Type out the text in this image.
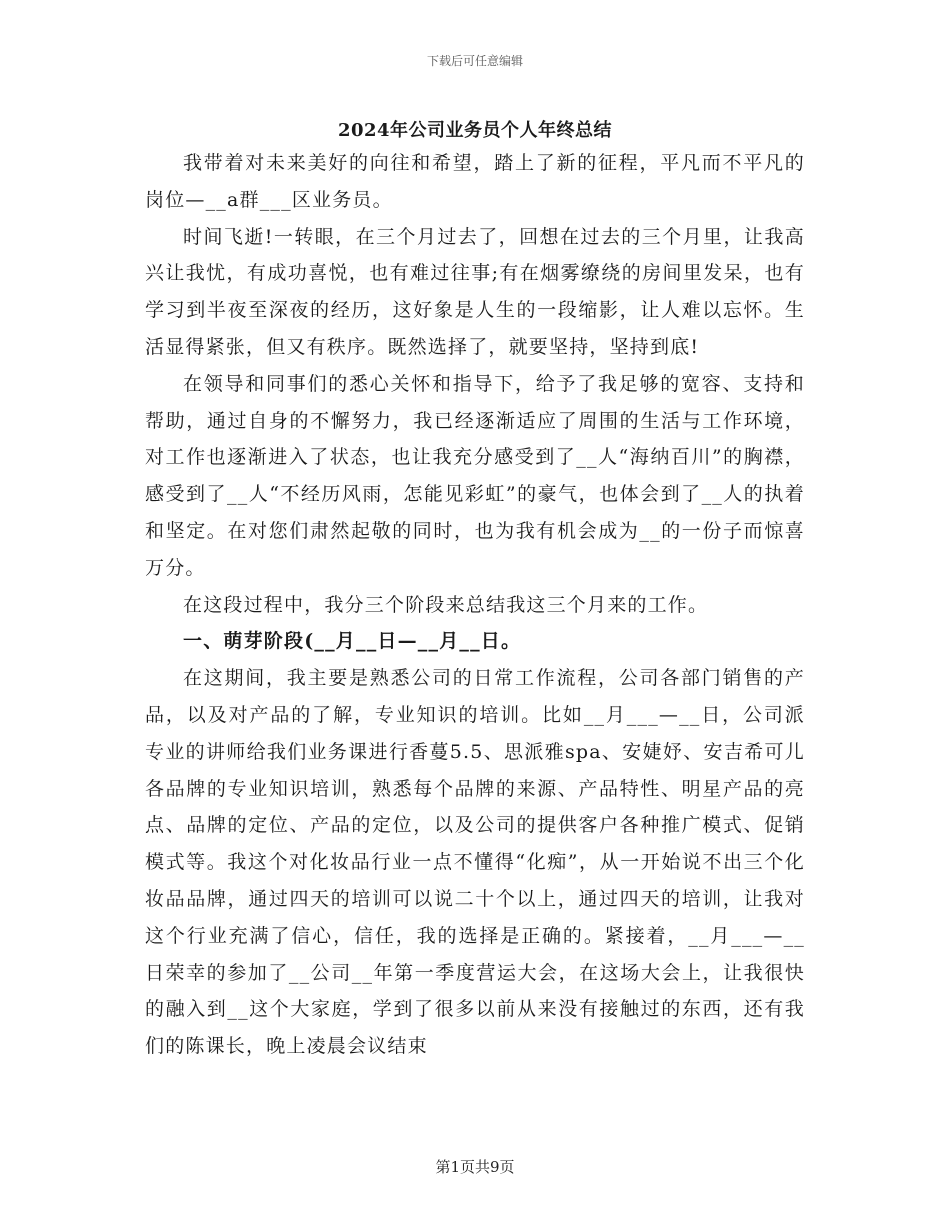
下载后可任意编辑
2024年公司业务员个人年终总结

我带着对未来美好的向往和希望，踏上了新的征程，平凡而不平凡的岗位—__a群___区业务员。

时间飞逝!一转眼，在三个月过去了，回想在过去的三个月里，让我高兴让我忧，有成功喜悦，也有难过往事;有在烟雾缭绕的房间里发呆，也有学习到半夜至深夜的经历，这好象是人生的一段缩影，让人难以忘怀。生活显得紧张，但又有秩序。既然选择了，就要坚持，坚持到底!

在领导和同事们的悉心关怀和指导下，给予了我足够的宽容、支持和帮助，通过自身的不懈努力，我已经逐渐适应了周围的生活与工作环境，对工作也逐渐进入了状态，也让我充分感受到了__人“海纳百川”的胸襟，感受到了__人“不经历风雨，怎能见彩虹”的豪气，也体会到了__人的执着和坚定。在对您们肃然起敬的同时，也为我有机会成为__的一份子而惊喜万分。

在这段过程中，我分三个阶段来总结我这三个月来的工作。

一、萌芽阶段(__月__日—__月__日。

在这期间，我主要是熟悉公司的日常工作流程，公司各部门销售的产品，以及对产品的了解，专业知识的培训。比如__月___—__日，公司派专业的讲师给我们业务课进行香蔓5.5、思派雅spa、安婕妤、安吉希可儿各品牌的专业知识培训，熟悉每个品牌的来源、产品特性、明星产品的亮点、品牌的定位、产品的定位，以及公司的提供客户各种推广模式、促销模式等。我这个对化妆品行业一点不懂得“化痴”，从一开始说不出三个化妆品品牌，通过四天的培训可以说二十个以上，通过四天的培训，让我对这个行业充满了信心，信任，我的选择是正确的。紧接着，__月___—__日荣幸的参加了__公司__年第一季度营运大会，在这场大会上，让我很快的融入到__这个大家庭，学到了很多以前从来没有接触过的东西，还有我们的陈课长，晚上凌晨会议结束

第1页共9页
